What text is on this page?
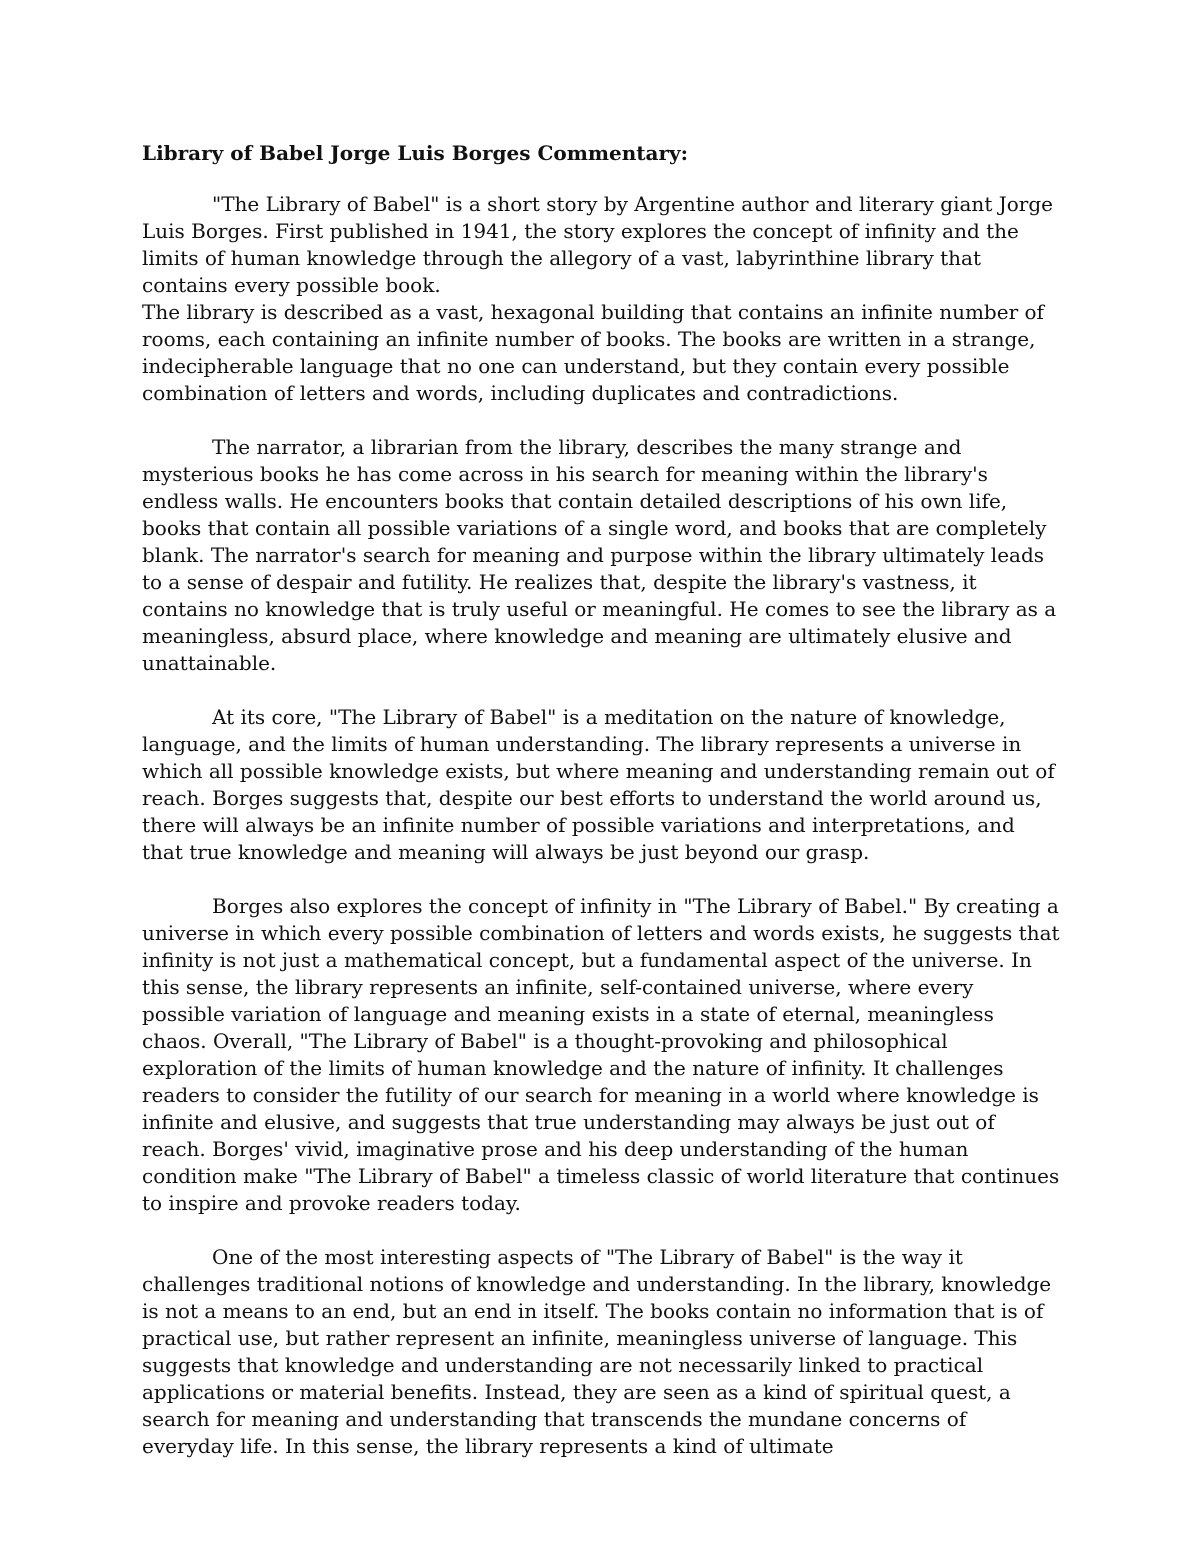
Library of Babel Jorge Luis Borges Commentary:

"The Library of Babel" is a short story by Argentine author and literary giant Jorge Luis Borges. First published in 1941, the story explores the concept of infinity and the limits of human knowledge through the allegory of a vast, labyrinthine library that contains every possible book.

The library is described as a vast, hexagonal building that contains an infinite number of rooms, each containing an infinite number of books. The books are written in a strange, indecipherable language that no one can understand, but they contain every possible combination of letters and words, including duplicates and contradictions.

The narrator, a librarian from the library, describes the many strange and mysterious books he has come across in his search for meaning within the library's endless walls. He encounters books that contain detailed descriptions of his own life, books that contain all possible variations of a single word, and books that are completely blank. The narrator's search for meaning and purpose within the library ultimately leads to a sense of despair and futility. He realizes that, despite the library's vastness, it contains no knowledge that is truly useful or meaningful. He comes to see the library as a meaningless, absurd place, where knowledge and meaning are ultimately elusive and unattainable.

At its core, "The Library of Babel" is a meditation on the nature of knowledge, language, and the limits of human understanding. The library represents a universe in which all possible knowledge exists, but where meaning and understanding remain out of reach. Borges suggests that, despite our best efforts to understand the world around us, there will always be an infinite number of possible variations and interpretations, and that true knowledge and meaning will always be just beyond our grasp.

Borges also explores the concept of infinity in "The Library of Babel." By creating a universe in which every possible combination of letters and words exists, he suggests that infinity is not just a mathematical concept, but a fundamental aspect of the universe. In this sense, the library represents an infinite, self-contained universe, where every possible variation of language and meaning exists in a state of eternal, meaningless chaos. Overall, "The Library of Babel" is a thought-provoking and philosophical exploration of the limits of human knowledge and the nature of infinity. It challenges readers to consider the futility of our search for meaning in a world where knowledge is infinite and elusive, and suggests that true understanding may always be just out of reach. Borges' vivid, imaginative prose and his deep understanding of the human condition make "The Library of Babel" a timeless classic of world literature that continues to inspire and provoke readers today.

One of the most interesting aspects of "The Library of Babel" is the way it challenges traditional notions of knowledge and understanding. In the library, knowledge is not a means to an end, but an end in itself. The books contain no information that is of practical use, but rather represent an infinite, meaningless universe of language. This suggests that knowledge and understanding are not necessarily linked to practical applications or material benefits. Instead, they are seen as a kind of spiritual quest, a search for meaning and understanding that transcends the mundane concerns of everyday life. In this sense, the library represents a kind of ultimate
